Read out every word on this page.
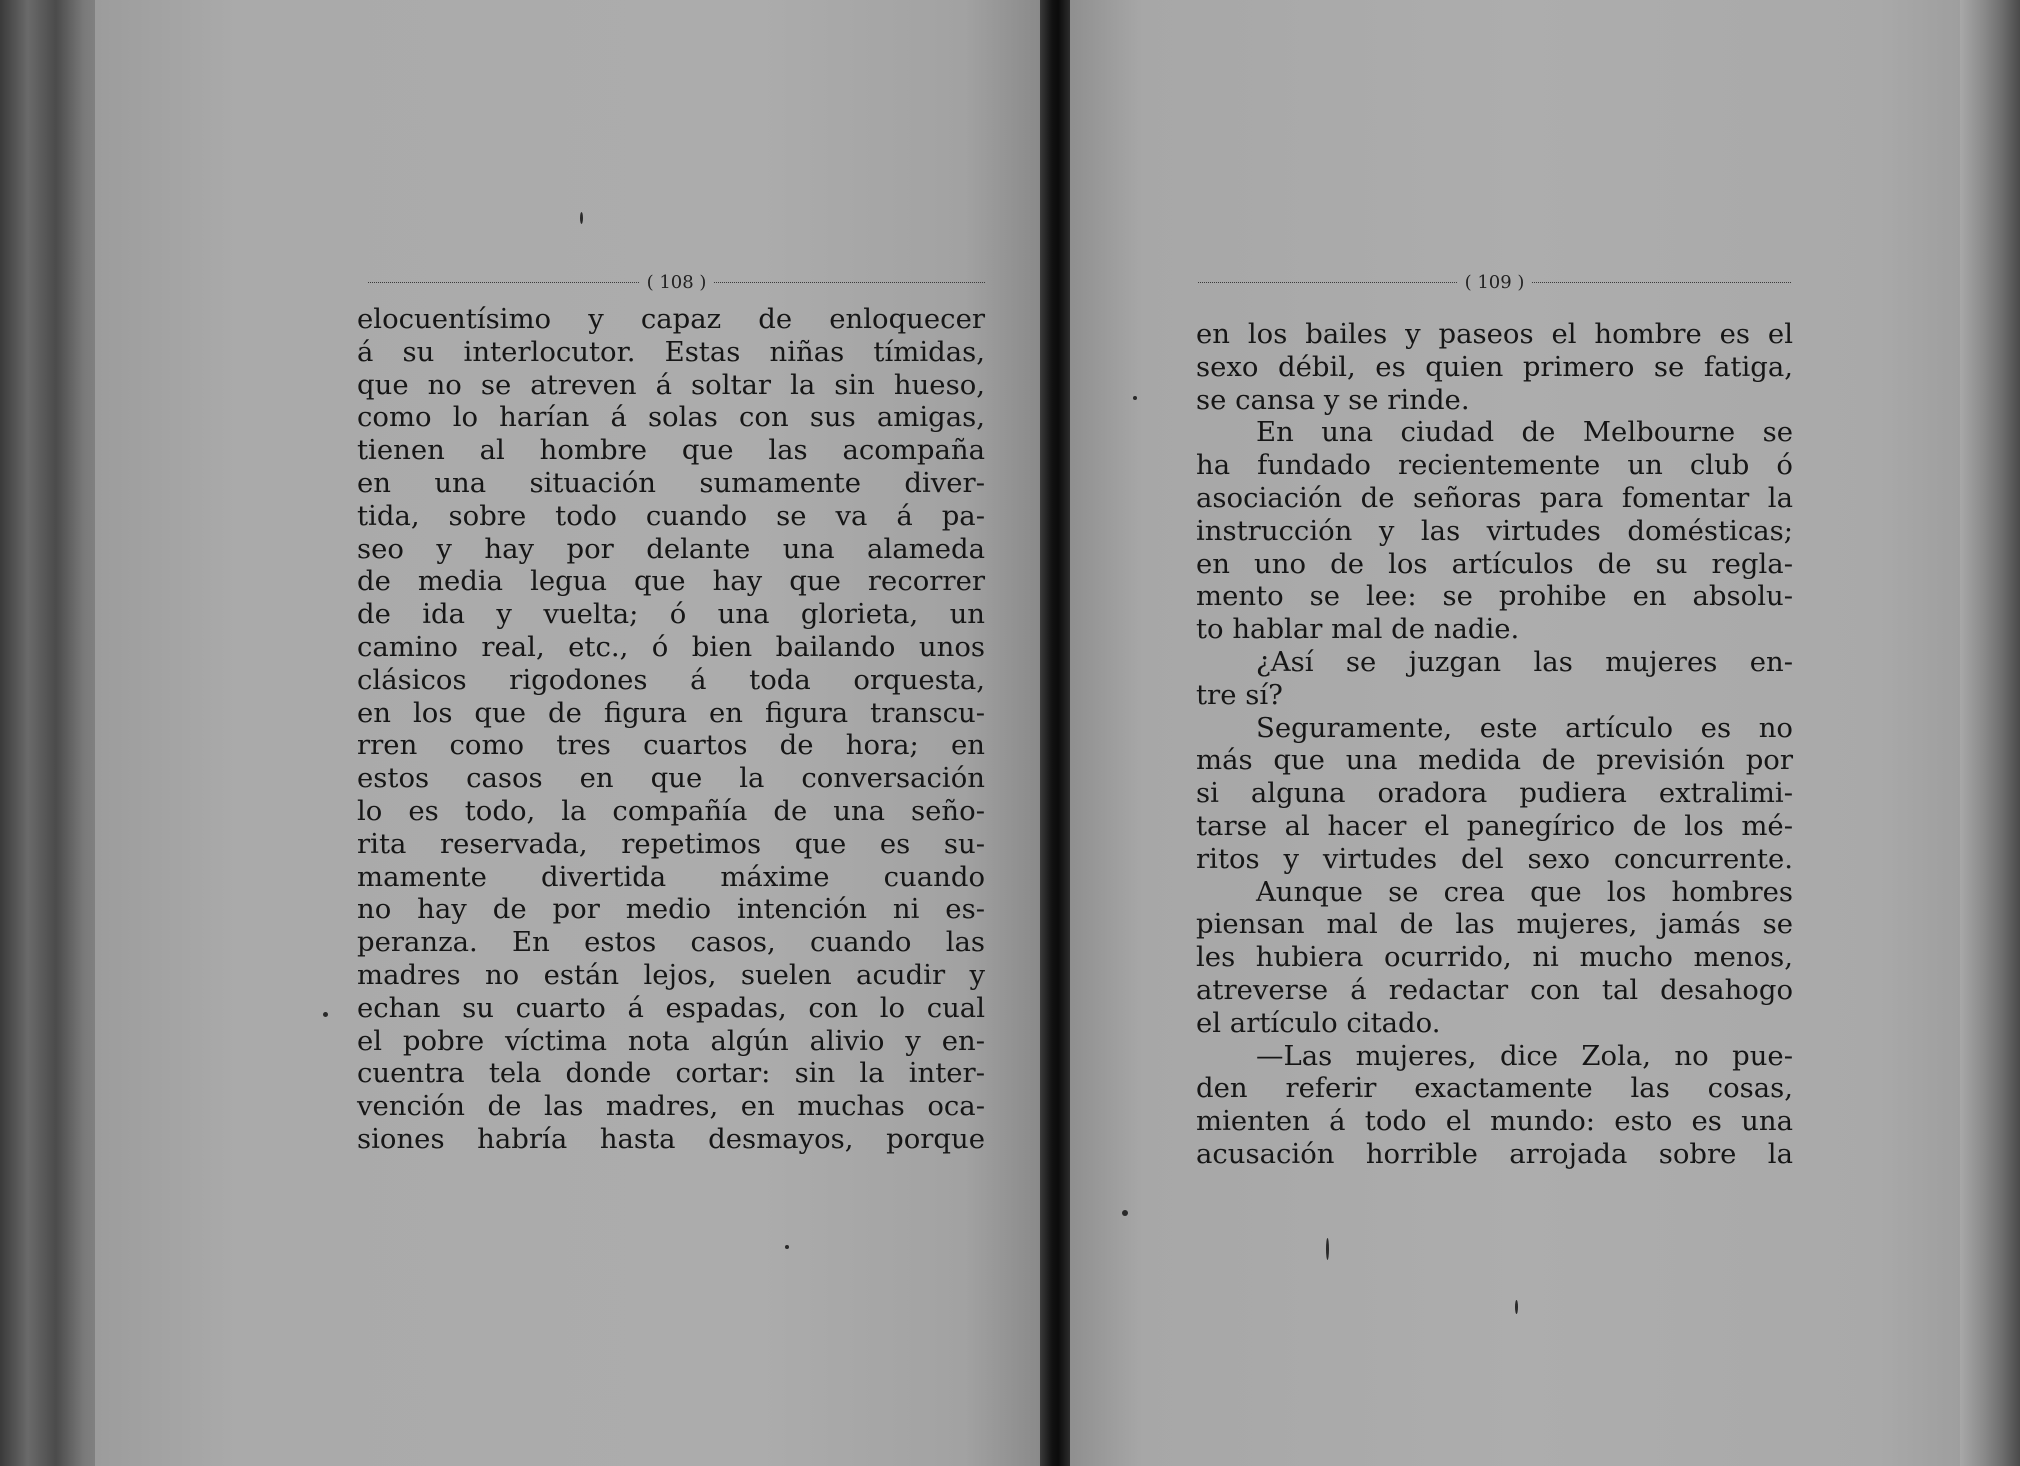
( 108 )
elocuentísimo y capaz de enloquecer
á su interlocutor. Estas niñas tímidas,
que no se atreven á soltar la sin hueso,
como lo harían á solas con sus amigas,
tienen al hombre que las acompaña
en una situación sumamente diver-
tida, sobre todo cuando se va á pa-
seo y hay por delante una alameda
de media legua que hay que recorrer
de ida y vuelta; ó una glorieta, un
camino real, etc., ó bien bailando unos
clásicos rigodones á toda orquesta,
en los que de figura en figura transcu-
rren como tres cuartos de hora; en
estos casos en que la conversación
lo es todo, la compañía de una seño-
rita reservada, repetimos que es su-
mamente divertida máxime cuando
no hay de por medio intención ni es-
peranza. En estos casos, cuando las
madres no están lejos, suelen acudir y
echan su cuarto á espadas, con lo cual
el pobre víctima nota algún alivio y en-
cuentra tela donde cortar: sin la inter-
vención de las madres, en muchas oca-
siones habría hasta desmayos, porque
( 109 )
en los bailes y paseos el hombre es el
sexo débil, es quien primero se fatiga,
se cansa y se rinde.
En una ciudad de Melbourne se
ha fundado recientemente un club ó
asociación de señoras para fomentar la
instrucción y las virtudes domésticas;
en uno de los artículos de su regla-
mento se lee: se prohibe en absolu-
to hablar mal de nadie.
¿Así se juzgan las mujeres en-
tre sí?
Seguramente, este artículo es no
más que una medida de previsión por
si alguna oradora pudiera extralimi-
tarse al hacer el panegírico de los mé-
ritos y virtudes del sexo concurrente.
Aunque se crea que los hombres
piensan mal de las mujeres, jamás se
les hubiera ocurrido, ni mucho menos,
atreverse á redactar con tal desahogo
el artículo citado.
—Las mujeres, dice Zola, no pue-
den referir exactamente las cosas,
mienten á todo el mundo: esto es una
acusación horrible arrojada sobre la
